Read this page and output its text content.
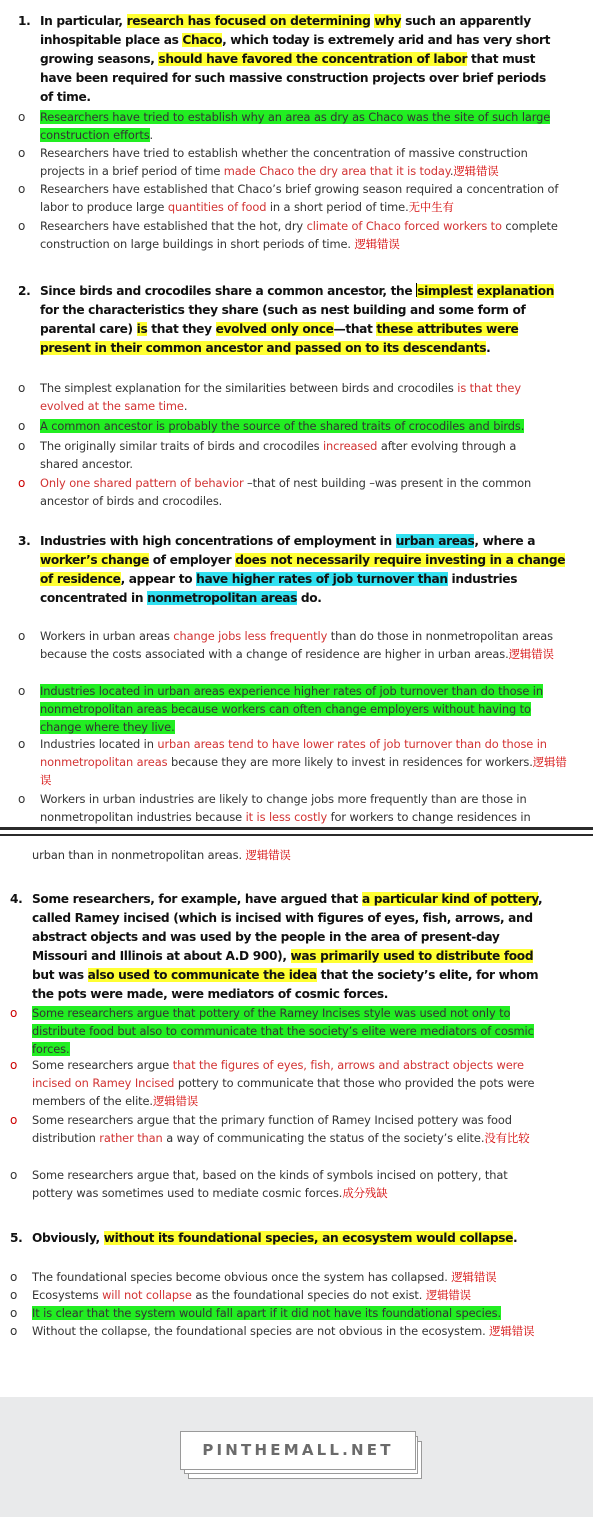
1. In particular, research has focused on determining why such an apparently inhospitable place as Chaco, which today is extremely arid and has very short growing seasons, should have favored the concentration of labor that must have been required for such massive construction projects over brief periods of time.
o Researchers have tried to establish why an area as dry as Chaco was the site of such large construction efforts.
o Researchers have tried to establish whether the concentration of massive construction projects in a brief period of time made Chaco the dry area that it is today.逻辑错误
o Researchers have established that Chaco’s brief growing season required a concentration of labor to produce large quantities of food in a short period of time.无中生有
o Researchers have established that the hot, dry climate of Chaco forced workers to complete construction on large buildings in short periods of time. 逻辑错误
2. Since birds and crocodiles share a common ancestor, the simplest explanation for the characteristics they share (such as nest building and some form of parental care) is that they evolved only once—that these attributes were present in their common ancestor and passed on to its descendants.
o The simplest explanation for the similarities between birds and crocodiles is that they evolved at the same time.
o A common ancestor is probably the source of the shared traits of crocodiles and birds.
o The originally similar traits of birds and crocodiles increased after evolving through a shared ancestor.
o Only one shared pattern of behavior –that of nest building –was present in the common ancestor of birds and crocodiles.
3. Industries with high concentrations of employment in urban areas, where a worker’s change of employer does not necessarily require investing in a change of residence, appear to have higher rates of job turnover than industries concentrated in nonmetropolitan areas do.
o Workers in urban areas change jobs less frequently than do those in nonmetropolitan areas because the costs associated with a change of residence are higher in urban areas.逻辑错误
o Industries located in urban areas experience higher rates of job turnover than do those in nonmetropolitan areas because workers can often change employers without having to change where they live.
o Industries located in urban areas tend to have lower rates of job turnover than do those in nonmetropolitan areas because they are more likely to invest in residences for workers.逻辑错误
o Workers in urban industries are likely to change jobs more frequently than are those in nonmetropolitan industries because it is less costly for workers to change residences in
urban than in nonmetropolitan areas. 逻辑错误
4. Some researchers, for example, have argued that a particular kind of pottery, called Ramey incised (which is incised with figures of eyes, fish, arrows, and abstract objects and was used by the people in the area of present-day Missouri and Illinois at about A.D 900), was primarily used to distribute food but was also used to communicate the idea that the society’s elite, for whom the pots were made, were mediators of cosmic forces.
o Some researchers argue that pottery of the Ramey Incises style was used not only to distribute food but also to communicate that the society’s elite were mediators of cosmic forces.
o Some researchers argue that the figures of eyes, fish, arrows and abstract objects were incised on Ramey Incised pottery to communicate that those who provided the pots were members of the elite.逻辑错误
o Some researchers argue that the primary function of Ramey Incised pottery was food distribution rather than a way of communicating the status of the society’s elite.没有比较
o Some researchers argue that, based on the kinds of symbols incised on pottery, that pottery was sometimes used to mediate cosmic forces.成分残缺
5. Obviously, without its foundational species, an ecosystem would collapse.
o The foundational species become obvious once the system has collapsed. 逻辑错误
o Ecosystems will not collapse as the foundational species do not exist. 逻辑错误
o It is clear that the system would fall apart if it did not have its foundational species.
o Without the collapse, the foundational species are not obvious in the ecosystem. 逻辑错误
PINTHEMALL.NET
